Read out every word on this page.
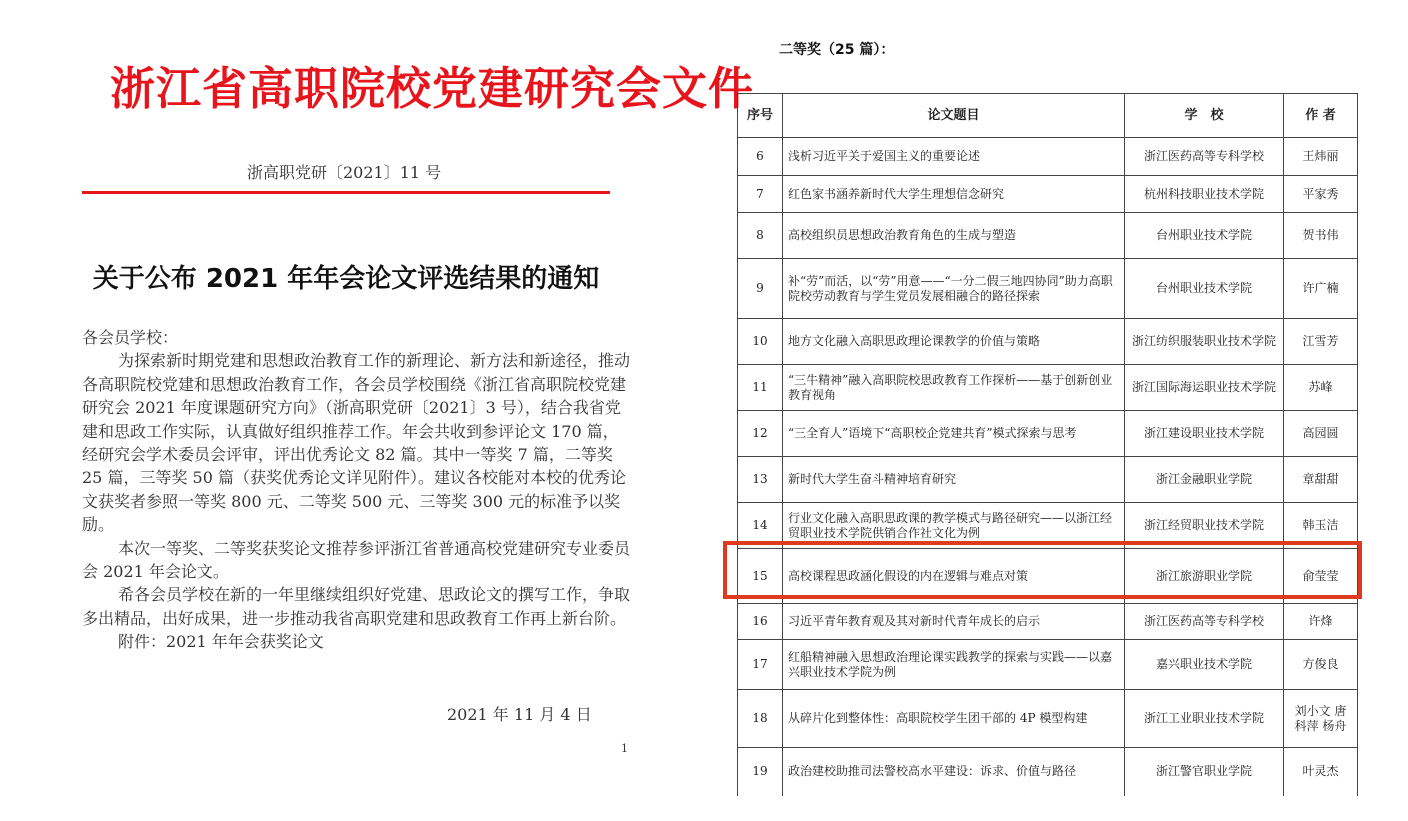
浙江省高职院校党建研究会文件
浙高职党研〔2021〕11 号
关于公布 2021 年年会论文评选结果的通知

各会员学校：

为探索新时期党建和思想政治教育工作的新理论、新方法和新途径，推动各高职院校党建和思想政治教育工作，各会员学校围绕《浙江省高职院校党建研究会 2021 年度课题研究方向》（浙高职党研〔2021〕3 号），结合我省党建和思政工作实际，认真做好组织推荐工作。年会共收到参评论文 170 篇，经研究会学术委员会评审，评出优秀论文 82 篇。其中一等奖 7 篇，二等奖 25 篇，三等奖 50 篇（获奖优秀论文详见附件）。建议各校能对本校的优秀论文获奖者参照一等奖 800 元、二等奖 500 元、三等奖 300 元的标准予以奖励。

本次一等奖、二等奖获奖论文推荐参评浙江省普通高校党建研究专业委员会 2021 年会论文。

希各会员学校在新的一年里继续组织好党建、思政论文的撰写工作，争取多出精品，出好成果，进一步推动我省高职党建和思政教育工作再上新台阶。

附件：2021 年年会获奖论文

2021 年 11 月 4 日
1
二等奖（25 篇）：
序号	论文题目	学　校	作 者
6	浅析习近平关于爱国主义的重要论述	浙江医药高等专科学校	王炜丽
7	红色家书涵养新时代大学生理想信念研究	杭州科技职业技术学院	平家秀
8	高校组织员思想政治教育角色的生成与塑造	台州职业技术学院	贺书伟
9	补“劳”而活，以“劳”用意——“一分二假三地四协同”助力高职院校劳动教育与学生党员发展相融合的路径探索	台州职业技术学院	许广楠
10	地方文化融入高职思政理论课教学的价值与策略	浙江纺织服装职业技术学院	江雪芳
11	“三牛精神”融入高职院校思政教育工作探析——基于创新创业教育视角	浙江国际海运职业技术学院	苏峰
12	“三全育人”语境下“高职校企党建共育”模式探索与思考	浙江建设职业技术学院	高园圆
13	新时代大学生奋斗精神培育研究	浙江金融职业学院	章甜甜
14	行业文化融入高职思政课的教学模式与路径研究——以浙江经贸职业技术学院供销合作社文化为例	浙江经贸职业技术学院	韩玉洁
15	高校课程思政涵化假设的内在逻辑与难点对策	浙江旅游职业学院	俞莹莹
16	习近平青年教育观及其对新时代青年成长的启示	浙江医药高等专科学校	许烽
17	红船精神融入思想政治理论课实践教学的探索与实践——以嘉兴职业技术学院为例	嘉兴职业技术学院	方俊良
18	从碎片化到整体性：高职院校学生团干部的 4P 模型构建	浙江工业职业技术学院	刘小文 唐科萍 杨舟
19	政治建校助推司法警校高水平建设：诉求、价值与路径	浙江警官职业学院	叶灵杰
